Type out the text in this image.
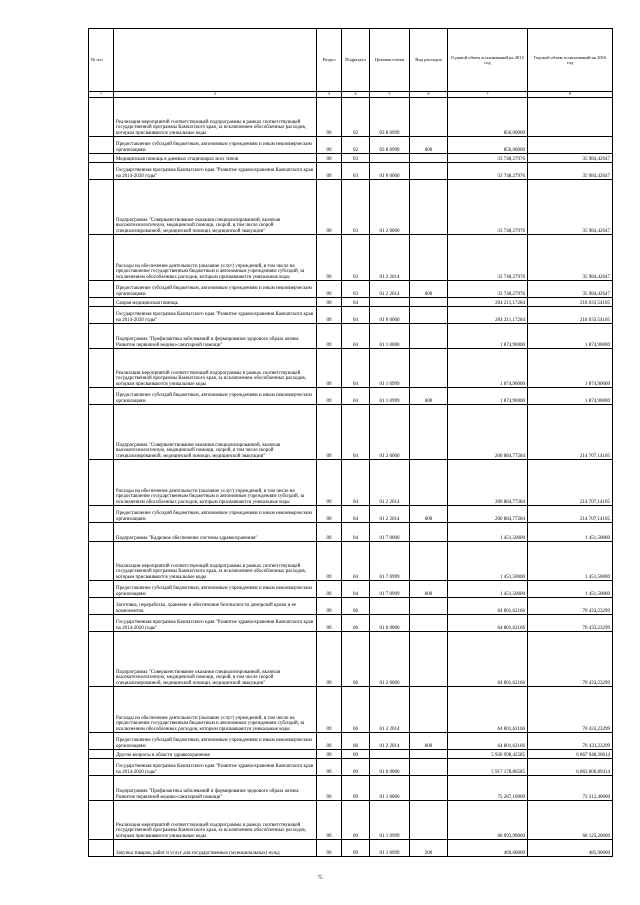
№ п/п		Раздел	Подраздел	Целевая статья	Вид расходов	Годовой объем ассигнований на 2015 год	Годовой объем ассигнований на 2016 год
1	2	3	4	5	6	7	8
	Реализация мероприятий соответствующей подпрограммы в рамках соответствующей государственной программы Камчатского края, за исключением обособленных расходов, которым присваиваются уникальные коды	09	02	03 8 0999		850,00000	
	Предоставление субсидий бюджетным, автономным учреждениям и иным некоммерческим организациям	09	02	03 8 0999	600	850,00000	
	Медицинская помощь в дневных стационарах всех типов	09	03			33 748,27976	35 984,42647
	Государственная программа Камчатского края "Развитие здравоохранения Камчатского края на 2014-2020 годы"	09	03	01 0 0000		33 748,27976	35 984,42647
	Подпрограмма "Совершенствование оказания специализированной, включая высокотехнологичную, медицинской помощи, скорой, в том числе скорой специализированной, медицинской помощи, медицинской эвакуации"	09	03	01 2 0000		33 748,27976	35 984,42647
	Расходы на обеспечение деятельности (оказание услуг) учреждений, в том числе на предоставление государственным бюджетным и автономным учреждениям субсидий, за исключением обособленных расходов, которым присваиваются уникальные коды	09	03	01 2 2014		33 748,27976	35 984,42647
	Предоставление субсидий бюджетным, автономным учреждениям и иным некоммерческим организациям	09	03	01 2 2014	600	33 748,27976	35 984,42647
	Скорая медицинская помощь	09	04			204 211,17284	218 033,54105
	Государственная программа Камчатского края "Развитие здравоохранения Камчатского края на 2014-2020 годы"	09	04	01 0 0000		204 211,17284	218 033,54105
	Подпрограмма "Профилактика заболеваний и формирование здорового образа жизни. Развитие первичной медико-санитарной помощи"	09	04	01 1 0000		1 874,90000	1 874,90000
	Реализация мероприятий соответствующей подпрограммы в рамках соответствующей государственной программы Камчатского края, за исключением обособленных расходов, которым присваиваются уникальные коды	09	04	01 1 0999		1 874,90000	1 874,90000
	Предоставление субсидий бюджетным, автономным учреждениям и иным некоммерческим организациям	09	04	01 1 0999	600	1 874,90000	1 874,90000
	Подпрограмма "Совершенствование оказания специализированной, включая высокотехнологичную, медицинской помощи, скорой, в том числе скорой специализированной, медицинской помощи, медицинской эвакуации"	09	04	01 2 0000		200 884,77284	214 707,14105
	Расходы на обеспечение деятельности (оказание услуг) учреждений, в том числе на предоставление государственным бюджетным и автономным учреждениям субсидий, за исключением обособленных расходов, которым присваиваются уникальные коды	09	04	01 2 2014		200 884,77284	214 707,14105
	Предоставление субсидий бюджетным, автономным учреждениям и иным некоммерческим организациям	09	04	01 2 2014	600	200 884,77284	214 707,14105
	Подпрограмма "Кадровое обеспечение системы здравоохранения"	09	04	01 7 0000		1 451,50000	1 451,50000
	Реализация мероприятий соответствующей подпрограммы в рамках соответствующей государственной программы Камчатского края, за исключением обособленных расходов, которым присваиваются уникальные коды	09	04	01 7 0999		1 451,50000	1 451,50000
	Предоставление субсидий бюджетным, автономным учреждениям и иным некоммерческим организациям	09	04	01 7 0999	600	1 451,50000	1 451,50000
	Заготовка, переработка, хранение и обеспечение безопасности донорской крови и ее компонентов	09	06			64 801,62166	70 433,23299
	Государственная программа Камчатского края "Развитие здравоохранения Камчатского края на 2014-2020 годы"	09	06	01 0 0000		64 801,62166	70 433,23299
	Подпрограмма "Совершенствование оказания специализированной, включая высокотехнологичную, медицинской помощи, скорой, в том числе скорой специализированной, медицинской помощи, медицинской эвакуации"	09	06	01 2 0000		64 801,62166	70 433,23299
	Расходы на обеспечение деятельности (оказание услуг) учреждений, в том числе на предоставление государственным бюджетным и автономным учреждениям субсидий, за исключением обособленных расходов, которым присваиваются уникальные коды	09	06	01 2 2014		64 801,62166	70 433,23299
	Предоставление субсидий бюджетным, автономным учреждениям и иным некоммерческим организациям	09	06	01 2 2014	600	64 801,62166	70 433,23299
	Другие вопросы в области здравоохранения	09	09			5 936 998,42585	6 867 948,30614
	Государственная программа Камчатского края "Развитие здравоохранения Камчатского края на 2014-2020 годы"	09	09	01 0 0000		5 917 178,86585	6 863 800,89414
	Подпрограмма "Профилактика заболеваний и формирование здорового образа жизни. Развитие первичной медико-санитарной помощи"	09	09	01 1 0000		75 287,10000	75 312,40000
	Реализация мероприятий соответствующей подпрограммы в рамках соответствующей государственной программы Камчатского края, за исключением обособленных расходов, которым присваиваются уникальные коды	09	09	01 1 0999		68 093,90000	68 123,20000
	Закупка товаров, работ и услуг для государственных (муниципальных) нужд	09	09	01 1 0999	200	460,60000	485,90000
75
